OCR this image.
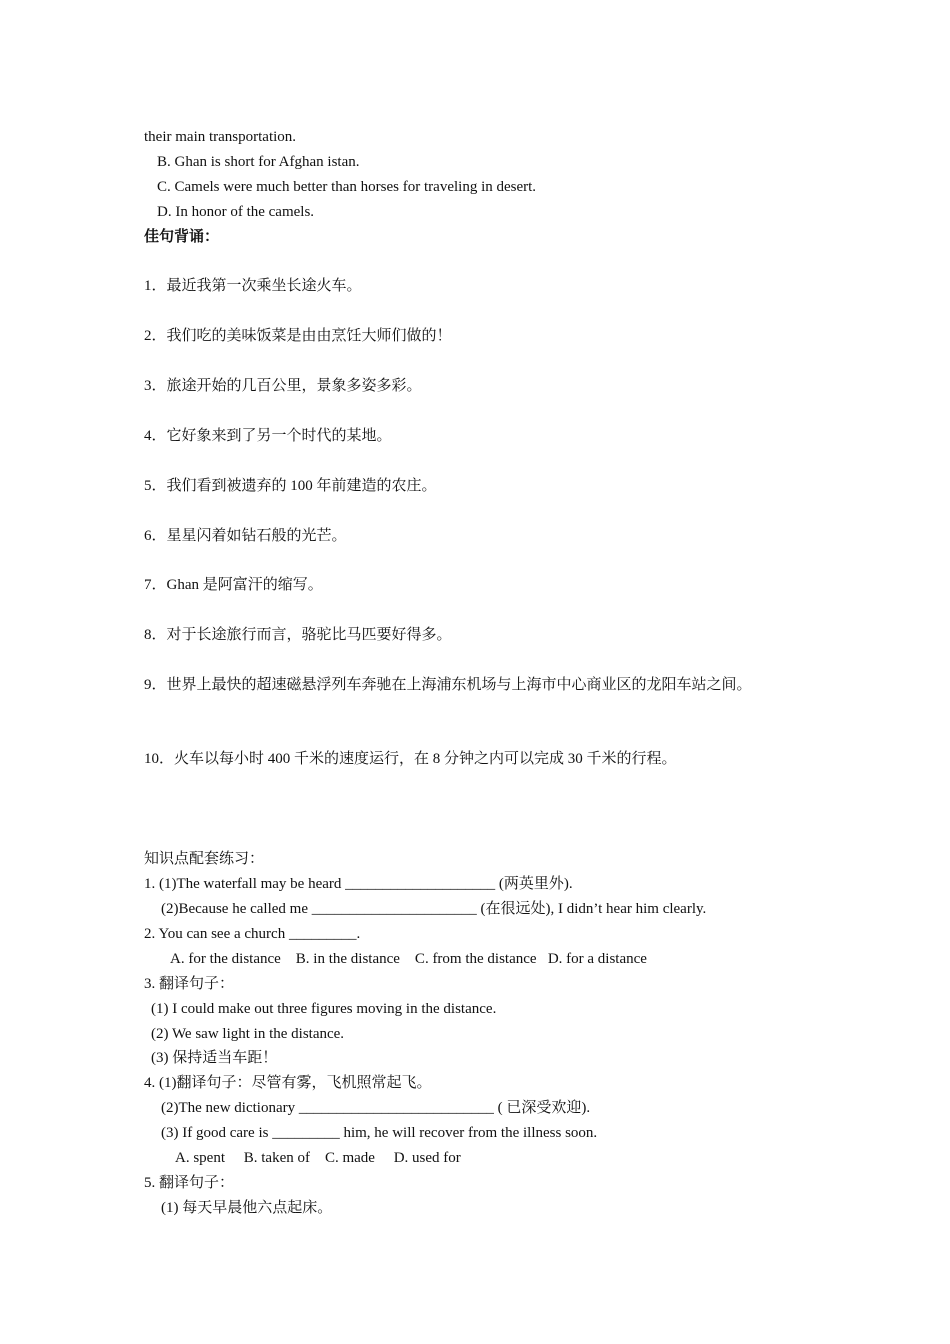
their main transportation.
B. Ghan is short for Afghan istan.
C. Camels were much better than horses for traveling in desert.
D. In honor of the camels.
佳句背诵：
1．最近我第一次乘坐长途火车。
2．我们吃的美味饭菜是由由烹饪大师们做的！
3．旅途开始的几百公里，景象多姿多彩。
4．它好象来到了另一个时代的某地。
5．我们看到被遗弃的 100 年前建造的农庄。
6．星星闪着如钻石般的光芒。
7．Ghan 是阿富汗的缩写。
8．对于长途旅行而言，骆驼比马匹要好得多。
9．世界上最快的超速磁悬浮列车奔驰在上海浦东机场与上海市中心商业区的龙阳车站之间。
10．火车以每小时 400 千米的速度运行，在 8 分钟之内可以完成 30 千米的行程。
知识点配套练习：
1. (1)The waterfall may be heard ____________________ (两英里外).
(2)Because he called me ______________________ (在很远处), I didn’t hear him clearly.
2. You can see a church _________.
A. for the distance    B. in the distance    C. from the distance   D. for a distance
3. 翻译句子：
(1) I could make out three figures moving in the distance.
(2) We saw light in the distance.
(3) 保持适当车距！
4. (1)翻译句子：尽管有雾，飞机照常起飞。
(2)The new dictionary __________________________ ( 已深受欢迎).
(3) If good care is _________ him, he will recover from the illness soon.
A. spent     B. taken of    C. made     D. used for
5. 翻译句子：
(1) 每天早晨他六点起床。
